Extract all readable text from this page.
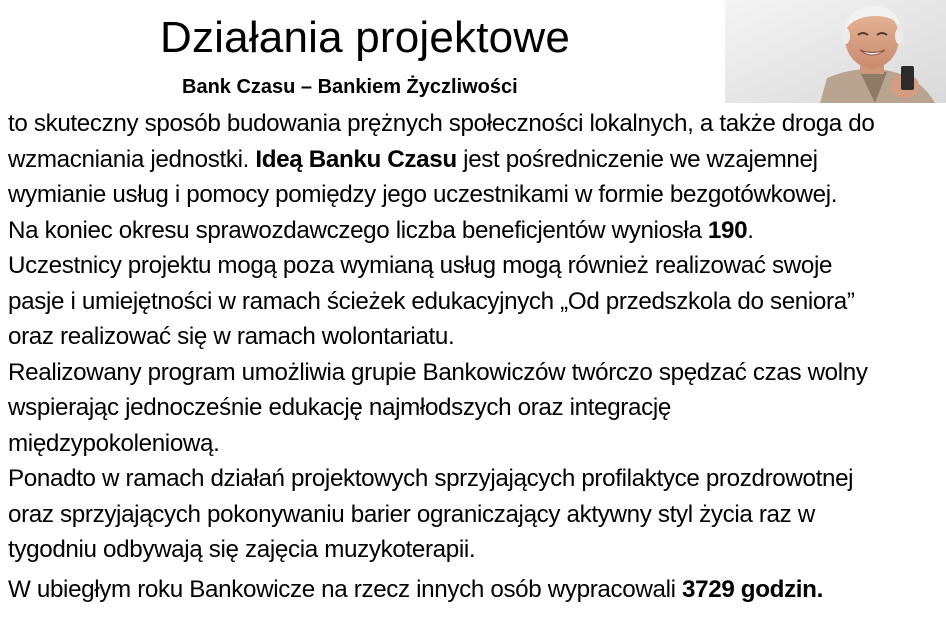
Działania projektowe
Bank Czasu – Bankiem Życzliwości
to skuteczny sposób budowania prężnych społeczności lokalnych, a także droga do
wzmacniania jednostki. Ideą Banku Czasu jest pośredniczenie we wzajemnej
wymianie usług i pomocy pomiędzy jego uczestnikami w formie bezgotówkowej.
Na koniec okresu sprawozdawczego liczba beneficjentów wyniosła 190.
Uczestnicy projektu mogą poza wymianą usług mogą również realizować swoje
pasje i umiejętności w ramach ścieżek edukacyjnych „Od przedszkola do seniora”
oraz realizować się w ramach wolontariatu.
Realizowany program umożliwia grupie Bankowiczów twórczo spędzać czas wolny
wspierając jednocześnie edukację najmłodszych oraz integrację
międzypokoleniową.
Ponadto w ramach działań projektowych sprzyjających profilaktyce prozdrowotnej
oraz sprzyjających pokonywaniu barier ograniczający aktywny styl życia raz w
tygodniu odbywają się zajęcia muzykoterapii.
W ubiegłym roku Bankowicze na rzecz innych osób wypracowali 3729 godzin.
